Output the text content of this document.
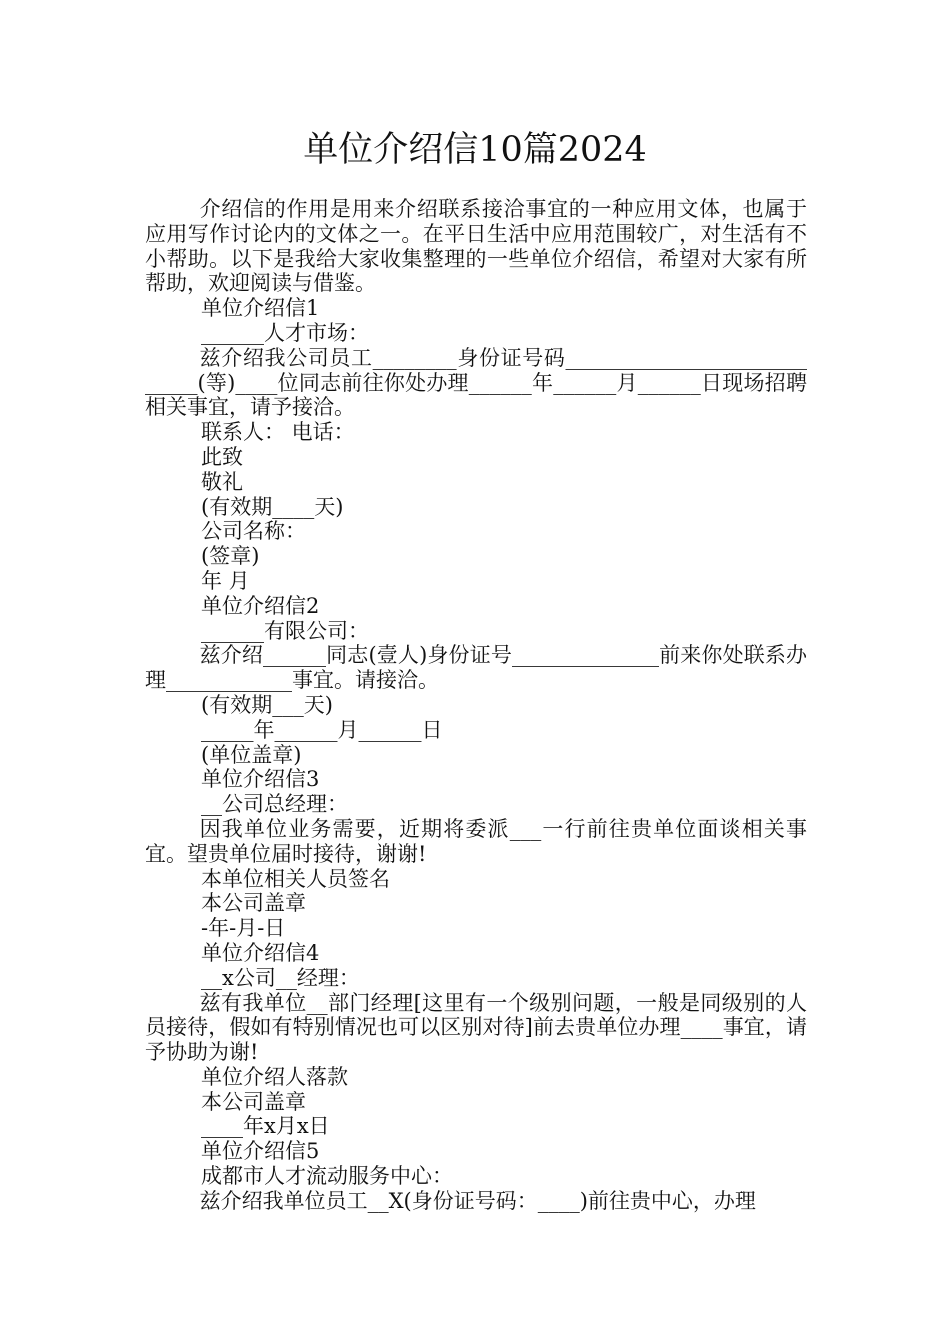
单位介绍信10篇2024
介绍信的作用是用来介绍联系接洽事宜的一种应用文体，也属于应用写作讨论内的文体之一。在平日生活中应用范围较广，对生活有不小帮助。以下是我给大家收集整理的一些单位介绍信，希望对大家有所帮助，欢迎阅读与借鉴。
单位介绍信1
______人才市场：
兹介绍我公司员工________身份证号码____________________________(等)____位同志前往你处办理______年______月______日现场招聘相关事宜，请予接洽。
联系人： 电话：
此致
敬礼
(有效期____天)
公司名称：
(签章)
年 月
单位介绍信2
______有限公司：
兹介绍______同志(壹人)身份证号______________前来你处联系办理____________事宜。请接洽。
(有效期___天)
_____年______月______日
(单位盖章)
单位介绍信3
__公司总经理：
因我单位业务需要，近期将委派___一行前往贵单位面谈相关事宜。望贵单位届时接待，谢谢!
本单位相关人员签名
本公司盖章
-年-月-日
单位介绍信4
__x公司__经理：
兹有我单位__部门经理[这里有一个级别问题，一般是同级别的人员接待，假如有特别情况也可以区别对待]前去贵单位办理____事宜，请予协助为谢!
单位介绍人落款
本公司盖章
____年x月x日
单位介绍信5
成都市人才流动服务中心：
兹介绍我单位员工__X(身份证号码：____)前往贵中心，办理
